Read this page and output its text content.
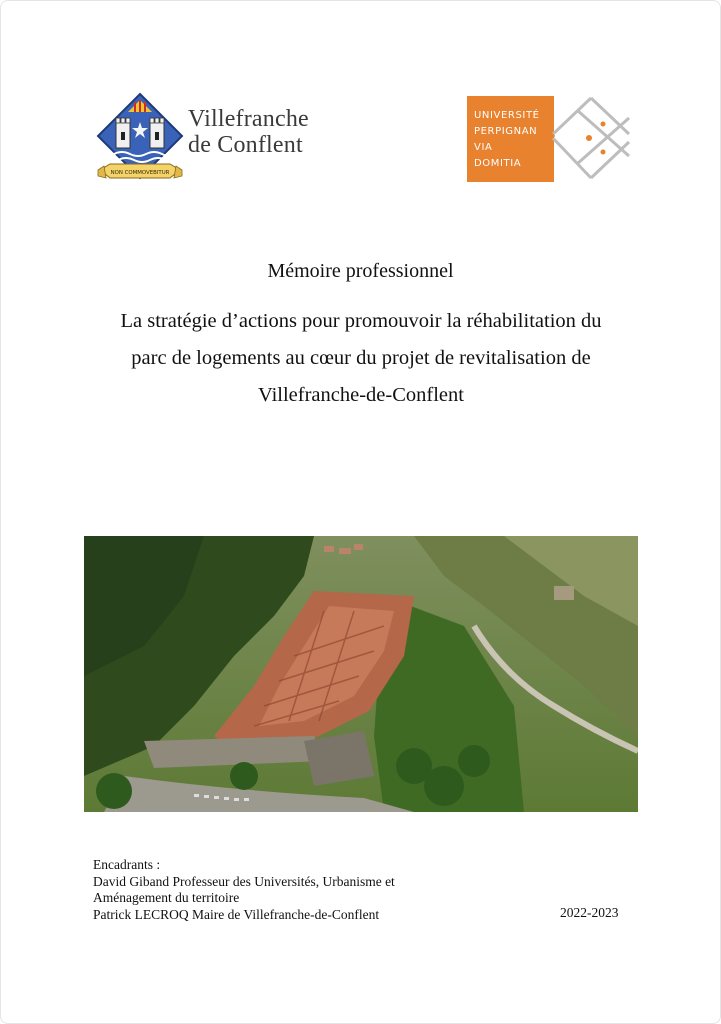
NON COMMOVEBITUR
Villefranche
de Conflent
UNIVERSITÉ
PERPIGNAN
VIA
DOMITIA
Mémoire professionnel
La stratégie d’actions pour promouvoir la réhabilitation du
parc de logements au cœur du projet de revitalisation de
Villefranche-de-Conflent
Encadrants :
David Giband Professeur des Universités, Urbanisme et
Aménagement du territoire
Patrick LECROQ Maire de Villefranche-de-Conflent	2022-2023
